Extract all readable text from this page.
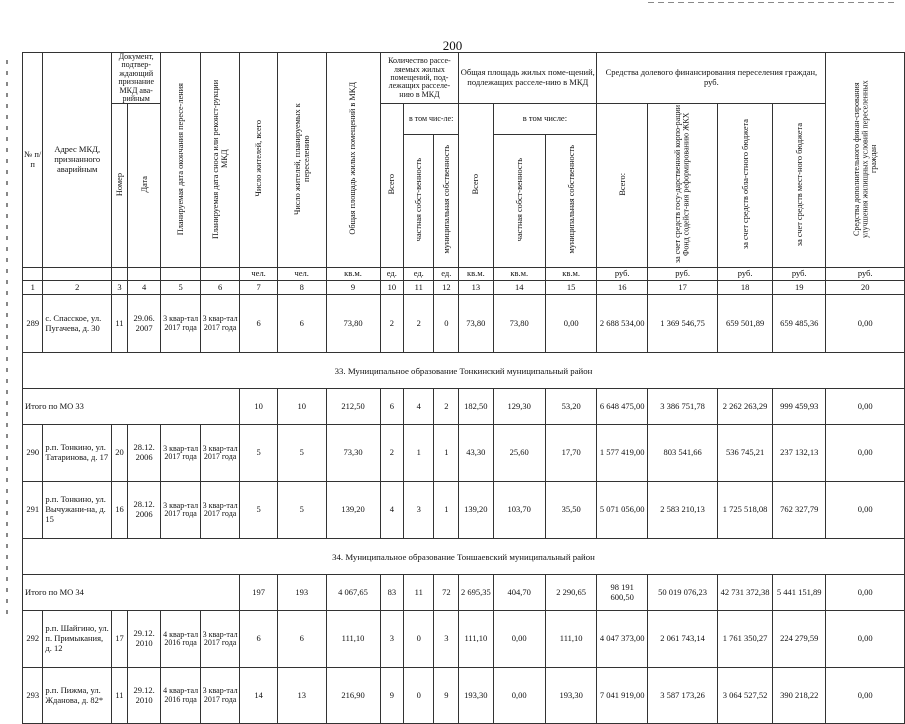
200
№ п/п	Адрес МКД, признанного аварийным	Документ, подтвер-ждающий признание МКД ава-рийным		Планируемая дата окончания пересе-ления	Планируемая дата сноса или реконст-рукции МКД	Число жителей, всего	Число жителей, планируемых к переселению	Общая площадь жилых помещений в МКД	Количество рассе-ляемых жилых помещений, под-лежащих расселе-нию в МКД			Общая площадь жилых поме-щений, подлежащих расселе-нию в МКД			Средства долевого финансирования переселения граждан, руб.				Средства дополнительного финан-сирования улучшения жилищных условий переселенных граждан
		Номер	Дата						Всего	в том чис-ле:		Всего	в том числе:		Всего:	за счет средств госу-дарственной корпо-рации Фонд содейст-вия реформированию ЖКХ	за счет средств обла-стного бюджета	за счет средств мест-ного бюджета	
										частная собст-венность	муниципальная собственность		частная собст-венность	муниципальная собственность					
						чел.	чел.	кв.м.	ед.	ед.	ед.	кв.м.	кв.м.	кв.м.	руб.	руб.	руб.	руб.	руб.
1	2	3	4	5	6	7	8	9	10	11	12	13	14	15	16	17	18	19	20
289	с. Спасское, ул. Пугачева, д. 30	11	29.06. 2007	3 квар-тал 2017 года	3 квар-тал 2017 года	6	6	73,80	2	2	0	73,80	73,80	0,00	2 688 534,00	1 369 546,75	659 501,89	659 485,36	0,00
33. Муниципальное образование Тонкинский муниципальный район																			
Итого по МО 33						10	10	212,50	6	4	2	182,50	129,30	53,20	6 648 475,00	3 386 751,78	2 262 263,29	999 459,93	0,00
290	р.п. Тонкино, ул. Татаринова, д. 17	20	28.12. 2006	3 квар-тал 2017 года	3 квар-тал 2017 года	5	5	73,30	2	1	1	43,30	25,60	17,70	1 577 419,00	803 541,66	536 745,21	237 132,13	0,00
291	р.п. Тонкино, ул. Вычужани-на, д. 15	16	28.12. 2006	3 квар-тал 2017 года	3 квар-тал 2017 года	5	5	139,20	4	3	1	139,20	103,70	35,50	5 071 056,00	2 583 210,13	1 725 518,08	762 327,79	0,00
34. Муниципальное образование Тоншаевский муниципальный район																			
Итого по МО 34						197	193	4 067,65	83	11	72	2 695,35	404,70	2 290,65	98 191 600,50	50 019 076,23	42 731 372,38	5 441 151,89	0,00
292	р.п. Шайгино, ул. п. Примыкания, д. 12	17	29.12. 2010	4 квар-тал 2016 года	3 квар-тал 2017 года	6	6	111,10	3	0	3	111,10	0,00	111,10	4 047 373,00	2 061 743,14	1 761 350,27	224 279,59	0,00
293	р.п. Пижма, ул. Жданова, д. 82*	11	29.12. 2010	4 квар-тал 2016 года	3 квар-тал 2017 года	14	13	216,90	9	0	9	193,30	0,00	193,30	7 041 919,00	3 587 173,26	3 064 527,52	390 218,22	0,00
